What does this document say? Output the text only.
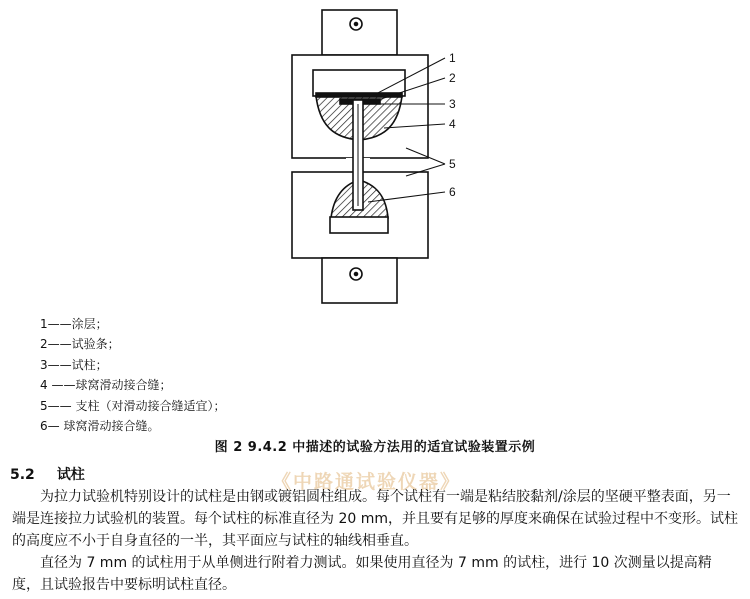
1
2
3
4
5
6
1——涂层；
2——试验条；
3——试柱；
4 ——球窝滑动接合缝；
5—— 支柱（对滑动接合缝适宜）；
6— 球窝滑动接合缝。
图 2 9.4.2 中描述的试验方法用的适宜试验装置示例
5.2 试柱	《中路通试验仪器》
为拉力试验机特别设计的试柱是由钢或镀铝圆柱组成。每个试柱有一端是粘结胶黏剂/涂层的坚硬平整表面，另一端是连接拉力试验机的装置。每个试柱的标准直径为 20 mm，并且要有足够的厚度来确保在试验过程中不变形。试柱的高度应不小于自身直径的一半，其平面应与试柱的轴线相垂直。
直径为 7 mm 的试柱用于从单侧进行附着力测试。如果使用直径为 7 mm 的试柱，进行 10 次测量以提高精度，且试验报告中要标明试柱直径。
